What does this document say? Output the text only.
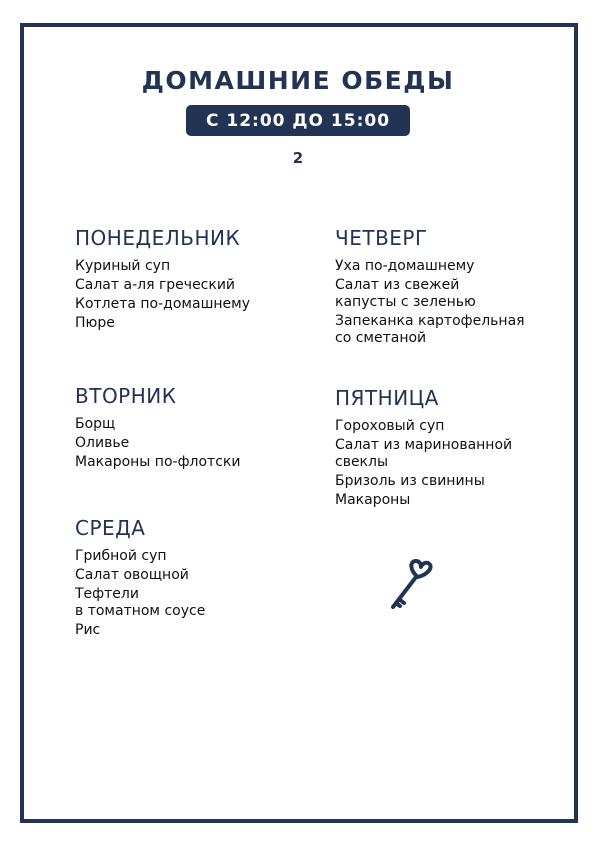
ДОМАШНИЕ ОБЕДЫ
С 12:00 ДО 15:00
2
ПОНЕДЕЛЬНИК
Куриный суп
Салат а-ля греческий
Котлета по-домашнему
Пюре
ВТОРНИК
Борщ
Оливье
Макароны по-флотски
СРЕДА
Грибной суп
Салат овощной
Тефтели
в томатном соусе
Рис
ЧЕТВЕРГ
Уха по-домашнему
Салат из свежей
капусты с зеленью
Запеканка картофельная
со сметаной
ПЯТНИЦА
Гороховый суп
Салат из маринованной
свеклы
Бризоль из свинины
Макароны
